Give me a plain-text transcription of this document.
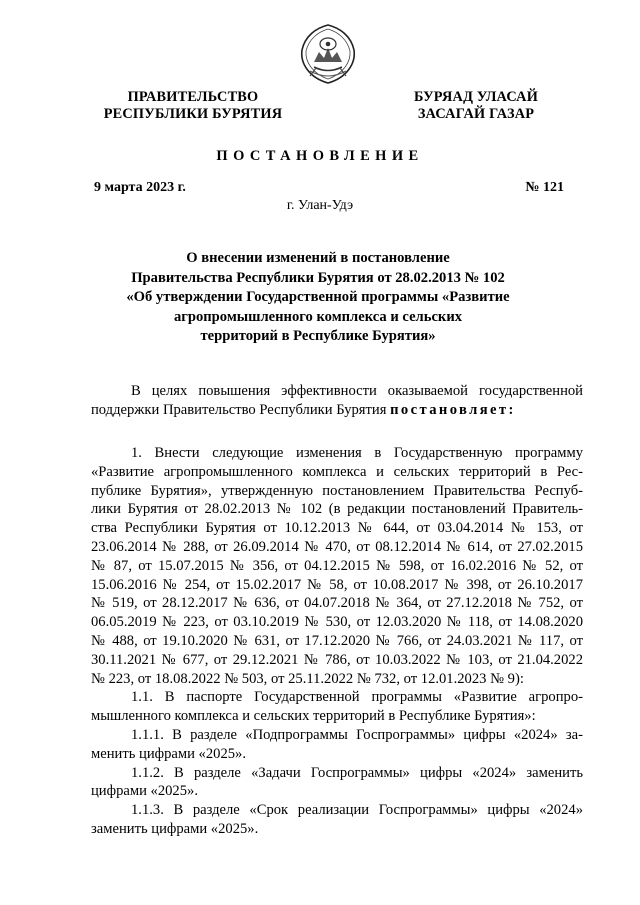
ПРАВИТЕЛЬСТВО
РЕСПУБЛИКИ БУРЯТИЯ
БУРЯАД УЛАСАЙ
ЗАСАГАЙ ГАЗАР
ПОСТАНОВЛЕНИЕ
9 марта 2023 г.	№ 121
г. Улан-Удэ
О внесении изменений в постановление
Правительства Республики Бурятия от 28.02.2013 № 102
«Об утверждении Государственной программы «Развитие
агропромышленного комплекса и сельских
территорий в Республике Бурятия»
В целях повышения эффективности оказываемой государственной
поддержки Правительство Республики Бурятия постановляет:
1. Внести следующие изменения в Государственную программу
«Развитие агропромышленного комплекса и сельских территорий в Рес-
публике Бурятия», утвержденную постановлением Правительства Респуб-
лики Бурятия от 28.02.2013 № 102 (в редакции постановлений Правитель-
ства Республики Бурятия от 10.12.2013 № 644, от 03.04.2014 № 153, от
23.06.2014 № 288, от 26.09.2014 № 470, от 08.12.2014 № 614, от 27.02.2015
№ 87, от 15.07.2015 № 356, от 04.12.2015 № 598, от 16.02.2016 № 52, от
15.06.2016 № 254, от 15.02.2017 № 58, от 10.08.2017 № 398, от 26.10.2017
№ 519, от 28.12.2017 № 636, от 04.07.2018 № 364, от 27.12.2018 № 752, от
06.05.2019 № 223, от 03.10.2019 № 530, от 12.03.2020 № 118, от 14.08.2020
№ 488, от 19.10.2020 № 631, от 17.12.2020 № 766, от 24.03.2021 № 117, от
30.11.2021 № 677, от 29.12.2021 № 786, от 10.03.2022 № 103, от 21.04.2022
№ 223, от 18.08.2022 № 503, от 25.11.2022 № 732, от 12.01.2023 № 9):
1.1. В паспорте Государственной программы «Развитие агропро-
мышленного комплекса и сельских территорий в Республике Бурятия»:
1.1.1. В разделе «Подпрограммы Госпрограммы» цифры «2024» за-
менить цифрами «2025».
1.1.2. В разделе «Задачи Госпрограммы» цифры «2024» заменить
цифрами «2025».
1.1.3. В разделе «Срок реализации Госпрограммы» цифры «2024»
заменить цифрами «2025».
